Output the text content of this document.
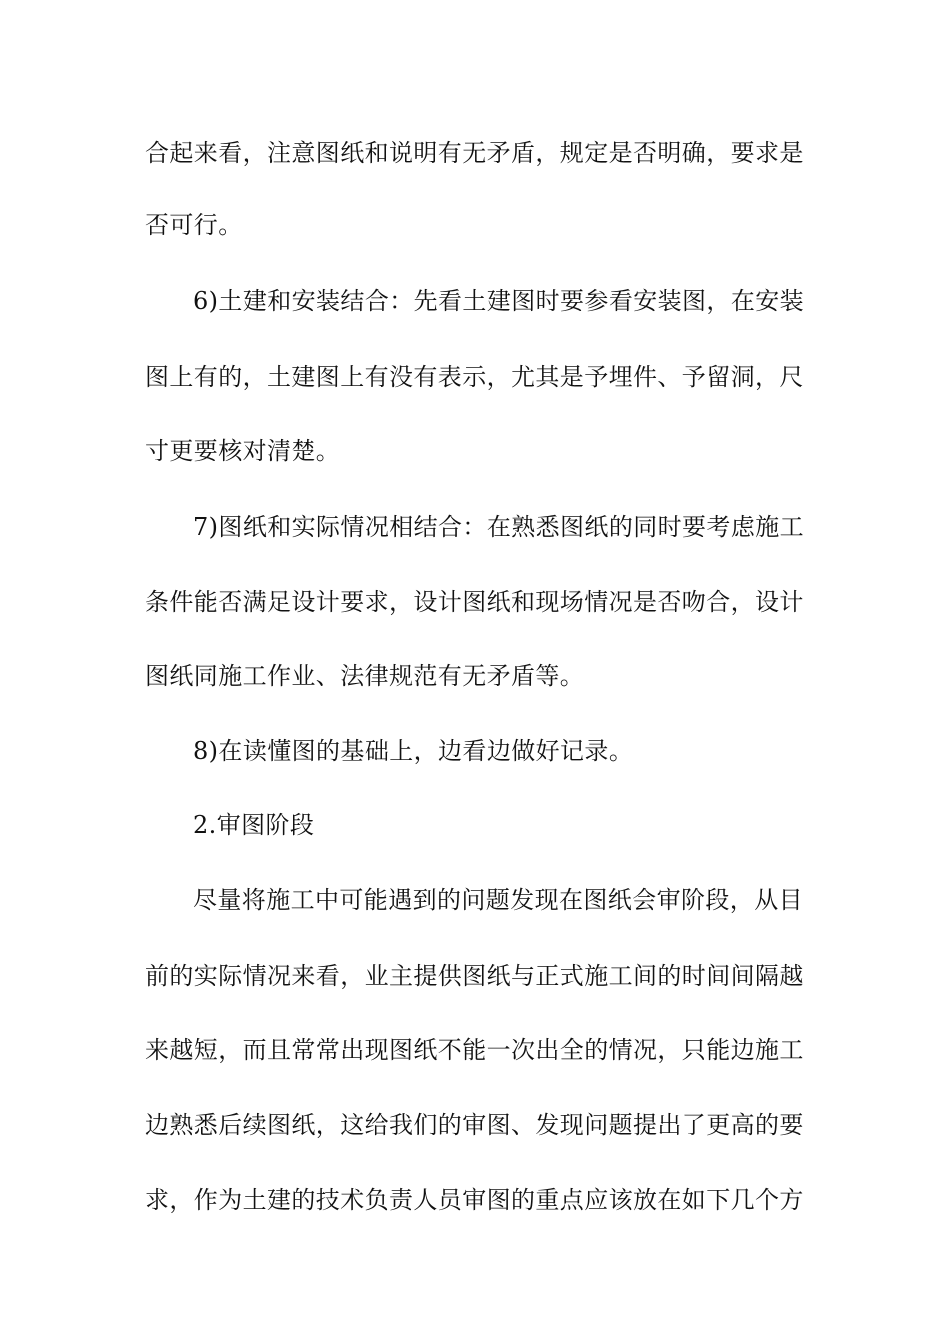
合起来看，注意图纸和说明有无矛盾，规定是否明确，要求是
否可行。
6)土建和安装结合：先看土建图时要参看安装图，在安装
图上有的，土建图上有没有表示，尤其是予埋件、予留洞，尺
寸更要核对清楚。
7)图纸和实际情况相结合：在熟悉图纸的同时要考虑施工
条件能否满足设计要求，设计图纸和现场情况是否吻合，设计
图纸同施工作业、法律规范有无矛盾等。
8)在读懂图的基础上，边看边做好记录。
2.审图阶段
尽量将施工中可能遇到的问题发现在图纸会审阶段，从目
前的实际情况来看，业主提供图纸与正式施工间的时间间隔越
来越短，而且常常出现图纸不能一次出全的情况，只能边施工
边熟悉后续图纸，这给我们的审图、发现问题提出了更高的要
求，作为土建的技术负责人员审图的重点应该放在如下几个方
